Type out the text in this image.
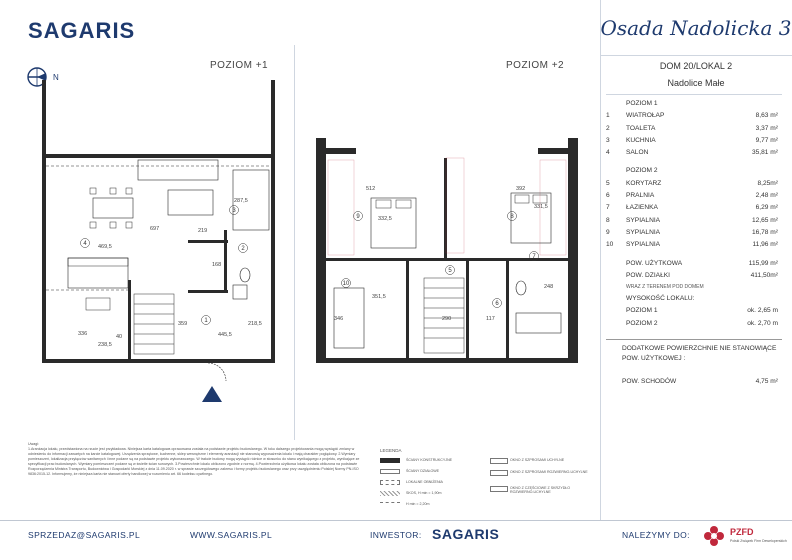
SAGARIS
N
POZIOM +1	POZIOM +2
697
469,5
287,5
219
168
336
238,5
445,5
218,5
40
359
4
3
2
1
512	392
332,5
331,5
351,5
346	117
290
248
9	8
5
7
6
10
Osada Nadolicka 3
DOM 20/LOKAL 2
Nadolice Małe
POZIOM 1
1	WIATROŁAP	8,63 m²
2	TOALETA	3,37 m²
3	KUCHNIA	9,77 m²
4	SALON	35,81 m²
POZIOM 2
5	KORYTARZ	8,25m²
6	PRALNIA	2,48 m²
7	ŁAZIENKA	6,29 m²
8	SYPIALNIA	12,65 m²
9	SYPIALNIA	16,78 m²
10	SYPIALNIA	11,96 m²
POW. UŻYTKOWA	115,99 m²
POW. DZIAŁKI	411,50m²
WRAZ Z TERENEM POD DOMEM
WYSOKOŚĆ LOKALU:
POZIOM 1	ok. 2,65 m
POZIOM 2	ok. 2,70 m
DODATKOWE POWIERZCHNIE NIE STANOWIĄCE POW. UŻYTKOWEJ :
POW. SCHODÓW	4,75 m²
Uwagi:
1.Aranżacja lokalu, przedstawiona na rzucie jest przykładowa. Niniejsza karta katalogowa opracowana została na podstawie projektu budowlanego. W toku dalszego projektowania mogą wystąpić zmiany w odniesieniu do informacji zawartych na karcie katalogowej. Urządzenia sprzętowe, kuchenne, sklep wewnętrzne i elementy aranżacji nie stanowią wyposażenia lokalu i mają charakter poglądowy. 2.Wymiary pomieszczeń, lokalizacja przyłączów sanitarnych i inne podane są na podstawie projektu wykonawczego. W trakcie budowy mogą wystąpić różnice w stosunku do stanu wynikającego z projektu, wynikające ze specyfikacji prac budowlanych. Wymiary pomieszczeń podane są w świetle ścian surowych. 3.Powierzchnie lokalu obliczono zgodnie z normą. 4.Powierzchnia użytkowa lokalu została obliczona na podstawie Rozporządzenia Ministra Transportu, Budownictwa i Gospodarki Morskiej z dnia 11.09.2020 r. w sprawie szczegółowego zakresu i formy projektu budowlanego oraz przy uwzględnieniu Polskiej Normy PN-ISO 9836:2015-12. Informujemy, że niniejsza karta nie stanowi oferty handlowej w rozumieniu art. 66 kodeksu cywilnego.
LEGENDA
ŚCIANY KONSTRUKCYJNE
ŚCIANY DZIAŁOWE
LOKALNE OBNIŻENIA
SKOS, H min = 1,90m
H min = 2,20m
OKNO Z SZPROSAMI UCHYLNE
OKNO Z SZPROSAMI ROZWIERNO-UCHYLNE
OKNO Z CZĘŚCIOWE Z SKRZYDŁO ROZWIERNO-UCHYLNE
SPRZEDAZ@SAGARIS.PL	WWW.SAGARIS.PL	INWESTOR: SAGARIS	NALEŻYMY DO:	PZFD
Polski Związek Firm Deweloperskich
